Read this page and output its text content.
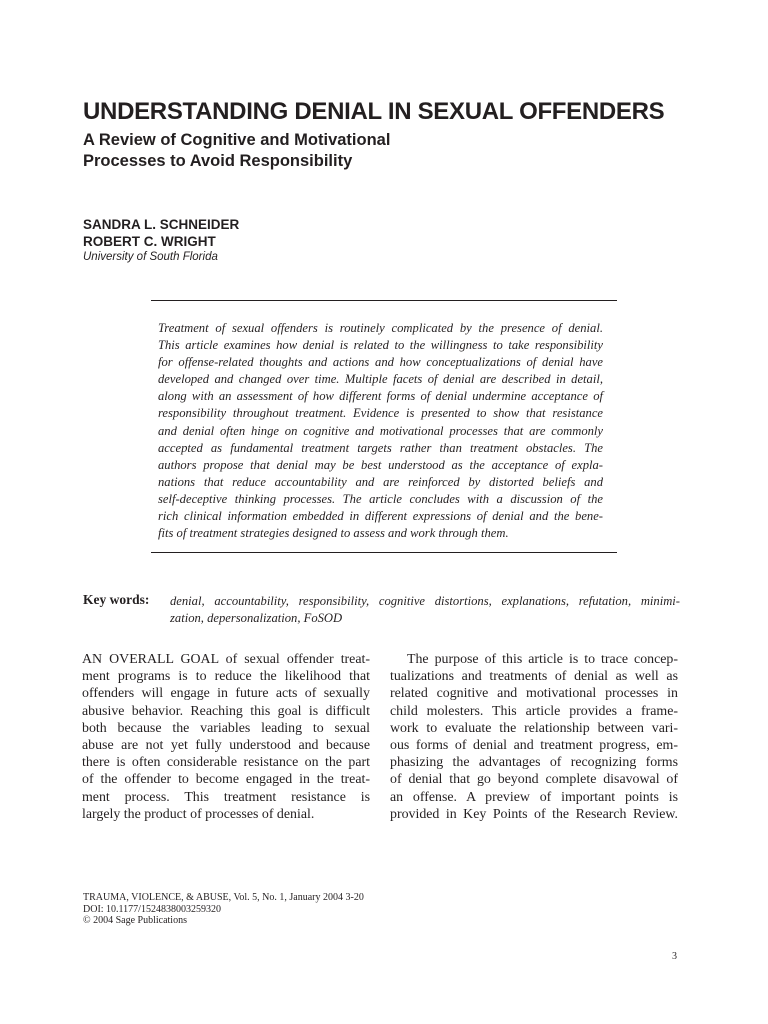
UNDERSTANDING DENIAL IN SEXUAL OFFENDERS
A Review of Cognitive and Motivational
Processes to Avoid Responsibility
SANDRA L. SCHNEIDER
ROBERT C. WRIGHT
University of South Florida
Treatment of sexual offenders is routinely complicated by the presence of denial.
This article examines how denial is related to the willingness to take responsibility
for offense-related thoughts and actions and how conceptualizations of denial have
developed and changed over time. Multiple facets of denial are described in detail,
along with an assessment of how different forms of denial undermine acceptance of
responsibility throughout treatment. Evidence is presented to show that resistance
and denial often hinge on cognitive and motivational processes that are commonly
accepted as fundamental treatment targets rather than treatment obstacles. The
authors propose that denial may be best understood as the acceptance of expla-
nations that reduce accountability and are reinforced by distorted beliefs and
self-deceptive thinking processes. The article concludes with a discussion of the
rich clinical information embedded in different expressions of denial and the bene-
fits of treatment strategies designed to assess and work through them.
Key words: denial, accountability, responsibility, cognitive distortions, explanations, refutation, minimi-
zation, depersonalization, FoSOD
AN OVERALL GOAL of sexual offender treat-
ment programs is to reduce the likelihood that
offenders will engage in future acts of sexually
abusive behavior. Reaching this goal is difficult
both because the variables leading to sexual
abuse are not yet fully understood and because
there is often considerable resistance on the part
of the offender to become engaged in the treat-
ment process. This treatment resistance is
largely the product of processes of denial.
The purpose of this article is to trace concep-
tualizations and treatments of denial as well as
related cognitive and motivational processes in
child molesters. This article provides a frame-
work to evaluate the relationship between vari-
ous forms of denial and treatment progress, em-
phasizing the advantages of recognizing forms
of denial that go beyond complete disavowal of
an offense. A preview of important points is
provided in Key Points of the Research Review.
TRAUMA, VIOLENCE, & ABUSE, Vol. 5, No. 1, January 2004 3-20
DOI: 10.1177/1524838003259320
© 2004 Sage Publications
3
